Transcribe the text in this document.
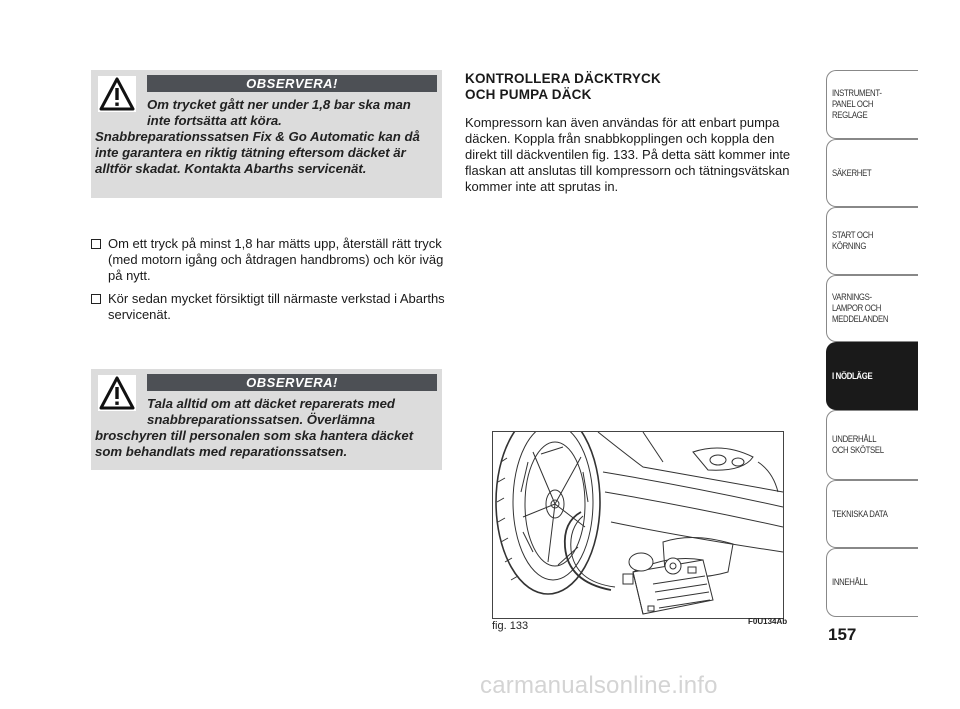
OBSERVERA!

Om trycket gått ner under 1,8 bar ska man inte fortsätta att köra. Snabbreparationssatsen Fix & Go Automatic kan då inte garantera en riktig tätning eftersom däcket är alltför skadat. Kontakta Abarths servicenät.

Om ett tryck på minst 1,8 har mätts upp, återställ rätt tryck (med motorn igång och åtdragen handbroms) och kör iväg på nytt.
Kör sedan mycket försiktigt till närmaste verkstad i Abarths servicenät.
OBSERVERA!

Tala alltid om att däcket reparerats med snabbreparationssatsen. Överlämna broschyren till personalen som ska hantera däcket som behandlats med reparationssatsen.

KONTROLLERA DÄCKTRYCK
OCH PUMPA DÄCK

Kompressorn kan även användas för att enbart pumpa däcken. Koppla från snabbkopplingen och koppla den direkt till däckventilen fig. 133. På detta sätt kommer inte flaskan att anslutas till kompressorn och tätningsvätskan kommer inte att sprutas in.

fig. 133	F0U134Ab
INSTRUMENT-
PANEL OCH
REGLAGE
SÄKERHET
START OCH
KÖRNING
VARNINGS-
LAMPOR OCH
MEDDELANDEN
I NÖDLÄGE
UNDERHÅLL
OCH SKÖTSEL
TEKNISKA DATA
INNEHÅLL
157
carmanualsonline.info
